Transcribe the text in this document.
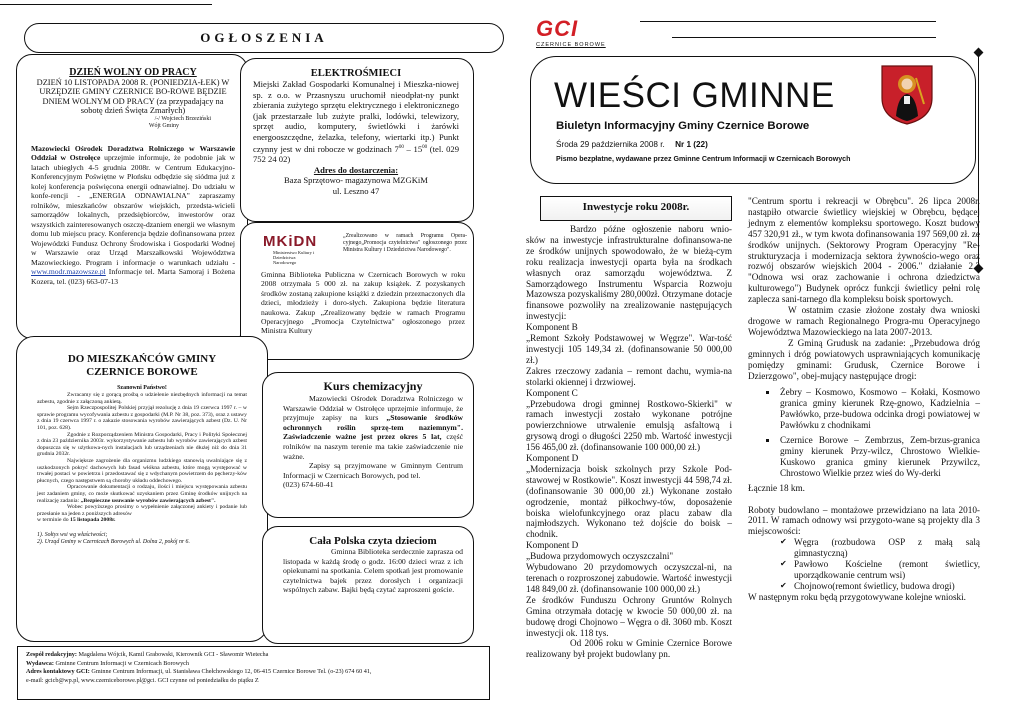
OGŁOSZENIA

DZIEŃ WOLNY OD PRACY

DZIEŃ 10 LISTOPADA 2008 R. (PONIEDZIA-ŁEK) W URZĘDZIE GMINY CZERNICE BO-ROWE BĘDZIE DNIEM WOLNYM OD PRACY (za przypadający na sobotę dzień Święta Zmarłych)

/-/ Wojciech Brzeziński

Wójt Gminy

Mazowiecki Ośrodek Doradztwa Rolniczego w Warszawie Oddział w Ostrołęce uprzejmie informuje, że podobnie jak w latach ubiegłych 4-5 grudnia 2008r. w Centrum Edukacyjno-Konferencyjnym Poświętne w Płońsku odbędzie się siódma już z kolej konferencja poświęcona energii odnawialnej. Do udziału w konfe-rencji - „ENERGIA ODNAWIALNA" zapraszamy rolników, mieszkańców obszarów wiejskich, przedsta-wicieli samorządów lokalnych, przedsiębiorców, inwestorów oraz wszystkich zainteresowanych oszczę-dzaniem energii we własnym domu lub miejscu pracy. Konferencja będzie dofinansowana przez Wojewódzki Fundusz Ochrony Środowiska i Gospodarki Wodnej w Warszawie oraz Urząd Marszałkowski Województwa Mazowieckiego. Program i informacje o warunkach udziału - www.modr.mazowsze.pl Informacje tel. Marta Samoraj i Bożena Kozera, tel. (023) 663-07-13

ELEKTROŚMIECI

Miejski Zakład Gospodarki Komunalnej i Mieszka-niowej sp. z o.o. w Przasnyszu uruchomił nieodpłat-ny punkt zbierania zużytego sprzętu elektrycznego i elektronicznego (jak przestarzałe lub zużyte pralki, lodówki, telewizory, sprzęt audio, komputery, świetlówki i żarówki energooszczędne, żelazka, telefony, wiertarki itp.) Punkt czynny jest w dni robocze w godzinach $7^{00} - 15^{00}$ (tel. 029 752 24 02)

Adres do dostarczenia:

Baza Sprzętowo- magazynowa MZGKiM

ul. Leszno 47

MKiDN
Ministerstwo Kultury i Dziedzictwa Narodowego

„Zrealizowano w ramach Programu Opera-cyjnego„Promocja czytelnictwa" ogłoszonego przez Ministra Kultury i Dziedzictwa Narodowego".

Gminna Biblioteka Publiczna w Czernicach Borowych w roku 2008 otrzymała 5 000 zł. na zakup książek. Z pozyskanych środków zostaną zakupione książki z dziedzin przeznaczonych dla dzieci, młodzieży i doro-słych. Zakupiona będzie literatura naukowa. Zakup „Zrealizowany będzie w ramach Programu Operacyjnego „Promocja Czytelnictwa" ogłoszonego przez Ministra Kultury

DO MIESZKAŃCÓW GMINY

CZERNICE BOROWE

Szanowni Państwo!

Zwracamy się z gorącą prośbą o udzielenie niezbędnych informacji na temat azbestu, zgodnie z załączoną ankietą.

Sejm Rzeczpospolitej Polskiej przyjął rezolucję z dnia 19 czerwca 1997 r. – w sprawie programu wycofywania azbestu z gospodarki (M.P. Nr 38, poz. 373), oraz z ustawy z dnia 19 czerwca 1997 r. o zakazie stosowania wyrobów zawierających azbest (Dz. U. Nr 101, poz. 628).

Zgodnie z Rozporządzeniem Ministra Gospodarki, Pracy i Polityki Społecznej z dnia 23 października 2003r. wykorzystywanie azbestu lub wyrobów zawierających azbest dopuszcza się w użytkowa-nych instalacjach lub urządzeniach nie dłużej niż do dnia 31 grudnia 2032r.

Największe zagrożenie dla organizmu ludzkiego stanowią uwalniające się z uszkodzonych pokryć dachowych lub fasad włókna azbestu, które mogą występować w trwałej postaci w powietrzu i przedostawać się z wdychanym powietrzem do pęcherzy-ków płucnych, czego następstwem są choroby układu oddechowego.

Opracowanie dokumentacji o rodzaju, ilości i miejscu występowania azbestu jest zadaniem gminy, co może skutkować uzyskaniem przez Gminę środków unijnych na realizację zadania: „Bezpieczne usuwanie wyrobów zawierających azbest".

Wobec powyższego prosimy o wypełnienie załączonej ankiety i podanie lub przesłanie na jeden z poniższych adresów

w terminie do 15 listopada 2008r.

1). Sołtys wsi wg właściwości;

2). Urząd Gminy w Czernicach Borowych ul. Dolna 2, pokój nr 6.

Kurs chemizacyjny

Mazowiecki Ośrodek Doradztwa Rolniczego w Warszawie Oddział w Ostrołęce uprzejmie informuje, że przyjmuje zapisy na kurs „Stosowanie środków ochronnych roślin sprzę-tem naziemnym". Zaświadczenie ważne jest przez okres 5 lat, część rolników na naszym terenie ma takie zaświadczenie nie ważne.

Zapisy są przyjmowane w Gminnym Centrum Informacji w Czernicach Borowych, pod tel.

(023) 674-60-41

Cała Polska czyta dzieciom

Gminna Biblioteka serdecznie zaprasza od listopada w każdą środę o godz. 16:00 dzieci wraz z ich opiekunami na spotkania. Celem spotkań jest promowanie czytelnictwa bajek przez dorosłych i organizacji wspólnych zabaw. Bajki będą czytać zaproszeni goście.

Zespół redakcyjny: Magdalena Wójcik, Kamil Grabowski, Kierownik GCI - Sławomir Wietecha

Wydawca: Gminne Centrum Informacji w Czernicach Borowych

Adres kontaktowy GCI: Gminne Centrum Informacji, ul. Stanisława Chełchowskiego 12, 06-415 Czernice Borowe Tel. (o-23) 674 60 41,

e-mail: gcicb@wp.pl, www.czerniceborowe.pl@gci. GCI czynne od poniedziałku do piątku Z

GCI
CZERNICE BOROWE
WIEŚCI GMINNE
Biuletyn Informacyjny Gminy Czernice Borowe
Środa 29 października 2008 r. Nr 1 (22)
Pismo bezpłatne, wydawane przez Gminne Centrum Informacji w Czernicach Borowych
Inwestycje roku 2008r.

Bardzo późne ogłoszenie naboru wnio-sków na inwestycje infrastrukturalne dofinansowa-ne ze środków unijnych spowodowało, że w bieżą-cym roku realizacja inwestycji oparta była na środkach własnych oraz samorządu województwa. Z Samorządowego Instrumentu Wsparcia Rozwoju Mazowsza pozyskaliśmy 280,000zł. Otrzymane dotacje finansowe pozwoliły na zrealizowanie następujących inwestycji:

Komponent B

„Remont Szkoły Podstawowej w Węgrze". War-tość inwestycji 105 149,34 zł. (dofinansowanie 50 000,00 zł.)

Zakres rzeczowy zadania – remont dachu, wymia-na stolarki okiennej i drzwiowej.

Komponent C

„Przebudowa drogi gminnej Rostkowo-Skierki" w ramach inwestycji zostało wykonane potrójne powierzchniowe utrwalenie emulsją asfaltową i grysową drogi o długości 2250 mb. Wartość inwestycji 156 465,00 zł. (dofinansowanie 100 000,00 zł.)

Komponent D

„Modernizacja boisk szkolnych przy Szkole Pod-stawowej w Rostkowie". Koszt inwestycji 44 598,74 zł. (dofinansowanie 30 000,00 zł.) Wykonane zostało ogrodzenie, montaż piłkochwy-tów, doposażenie boiska wielofunkcyjnego oraz placu zabaw dla najmłodszych. Wykonano też dojście do boisk – chodnik.

Komponent D

„Budowa przydomowych oczyszczalni"

Wybudowano 20 przydomowych oczyszczal-ni, na terenach o rozproszonej zabudowie. Wartość inwestycji 148 849,00 zł. (dofinansowanie 100 000,00 zł.)

Ze środków Funduszu Ochrony Gruntów Rolnych Gmina otrzymała dotację w kwocie 50 000,00 zł. na budowę drogi Chojnowo – Węgra o dł. 3060 mb. Koszt inwestycji ok. 118 tys.

Od 2006 roku w Gminie Czernice Borowe realizowany był projekt budowlany pn.

"Centrum sportu i rekreacji w Obrębcu". 26 lipca 2008r. nastąpiło otwarcie świetlicy wiejskiej w Obrębcu, będącej jednym z elementów kompleksu sportowego. Koszt budowy 457 320,91 zł., w tym kwota dofinansowania 197 569,00 zł. ze środków unijnych. (Sektorowy Program Operacyjny "Re-strukturyzacja i modernizacja sektora żywnościo-wego oraz rozwój obszarów wiejskich 2004 - 2006." działanie 2.3 "Odnowa wsi oraz zachowanie i ochrona dziedzictwa kulturowego") Budynek oprócz funkcji świetlicy pełni rolę zaplecza sani-tarnego dla kompleksu boisk sportowych.

W ostatnim czasie złożone zostały dwa wnioski drogowe w ramach Regionalnego Progra-mu Operacyjnego Województwa Mazowieckiego na lata 2007-2013.

Z Gminą Grudusk na zadanie: „Przebudowa dróg gminnych i dróg powiatowych usprawniających komunikację pomiędzy gminami: Grudusk, Czernice Borowe i Dzierzgowo", obej-mujący następujące drogi:

▪ Żebry – Kosmowo, Kosmowo – Kołaki, Kosmowo granica gminy kierunek Rzę-gnowo, Kadzielnia – Pawłówko, prze-budowa odcinka drogi powiatowej w Pawłówku z chodnikami
▪ Czernice Borowe – Zembrzus, Zem-brzus-granica gminy kierunek Przy-wilcz, Chrostowo Wielkie-Kuskowo granica gminy kierunek Przywilcz, Chrostowo Wielkie przez wieś do Wy-derki

Łącznie 18 km.

Roboty budowlano – montażowe przewidziano na lata 2010-2011. W ramach odnowy wsi przygoto-wane są projekty dla 3 miejscowości:

✔ Węgra (rozbudowa OSP z małą salą gimnastyczną)
✔ Pawłowo Kościelne (remont świetlicy, uporządkowanie centrum wsi)
✔ Chojnowo(remont świetlicy, budowa drogi)

W następnym roku będą przygotowywane kolejne wnioski.
